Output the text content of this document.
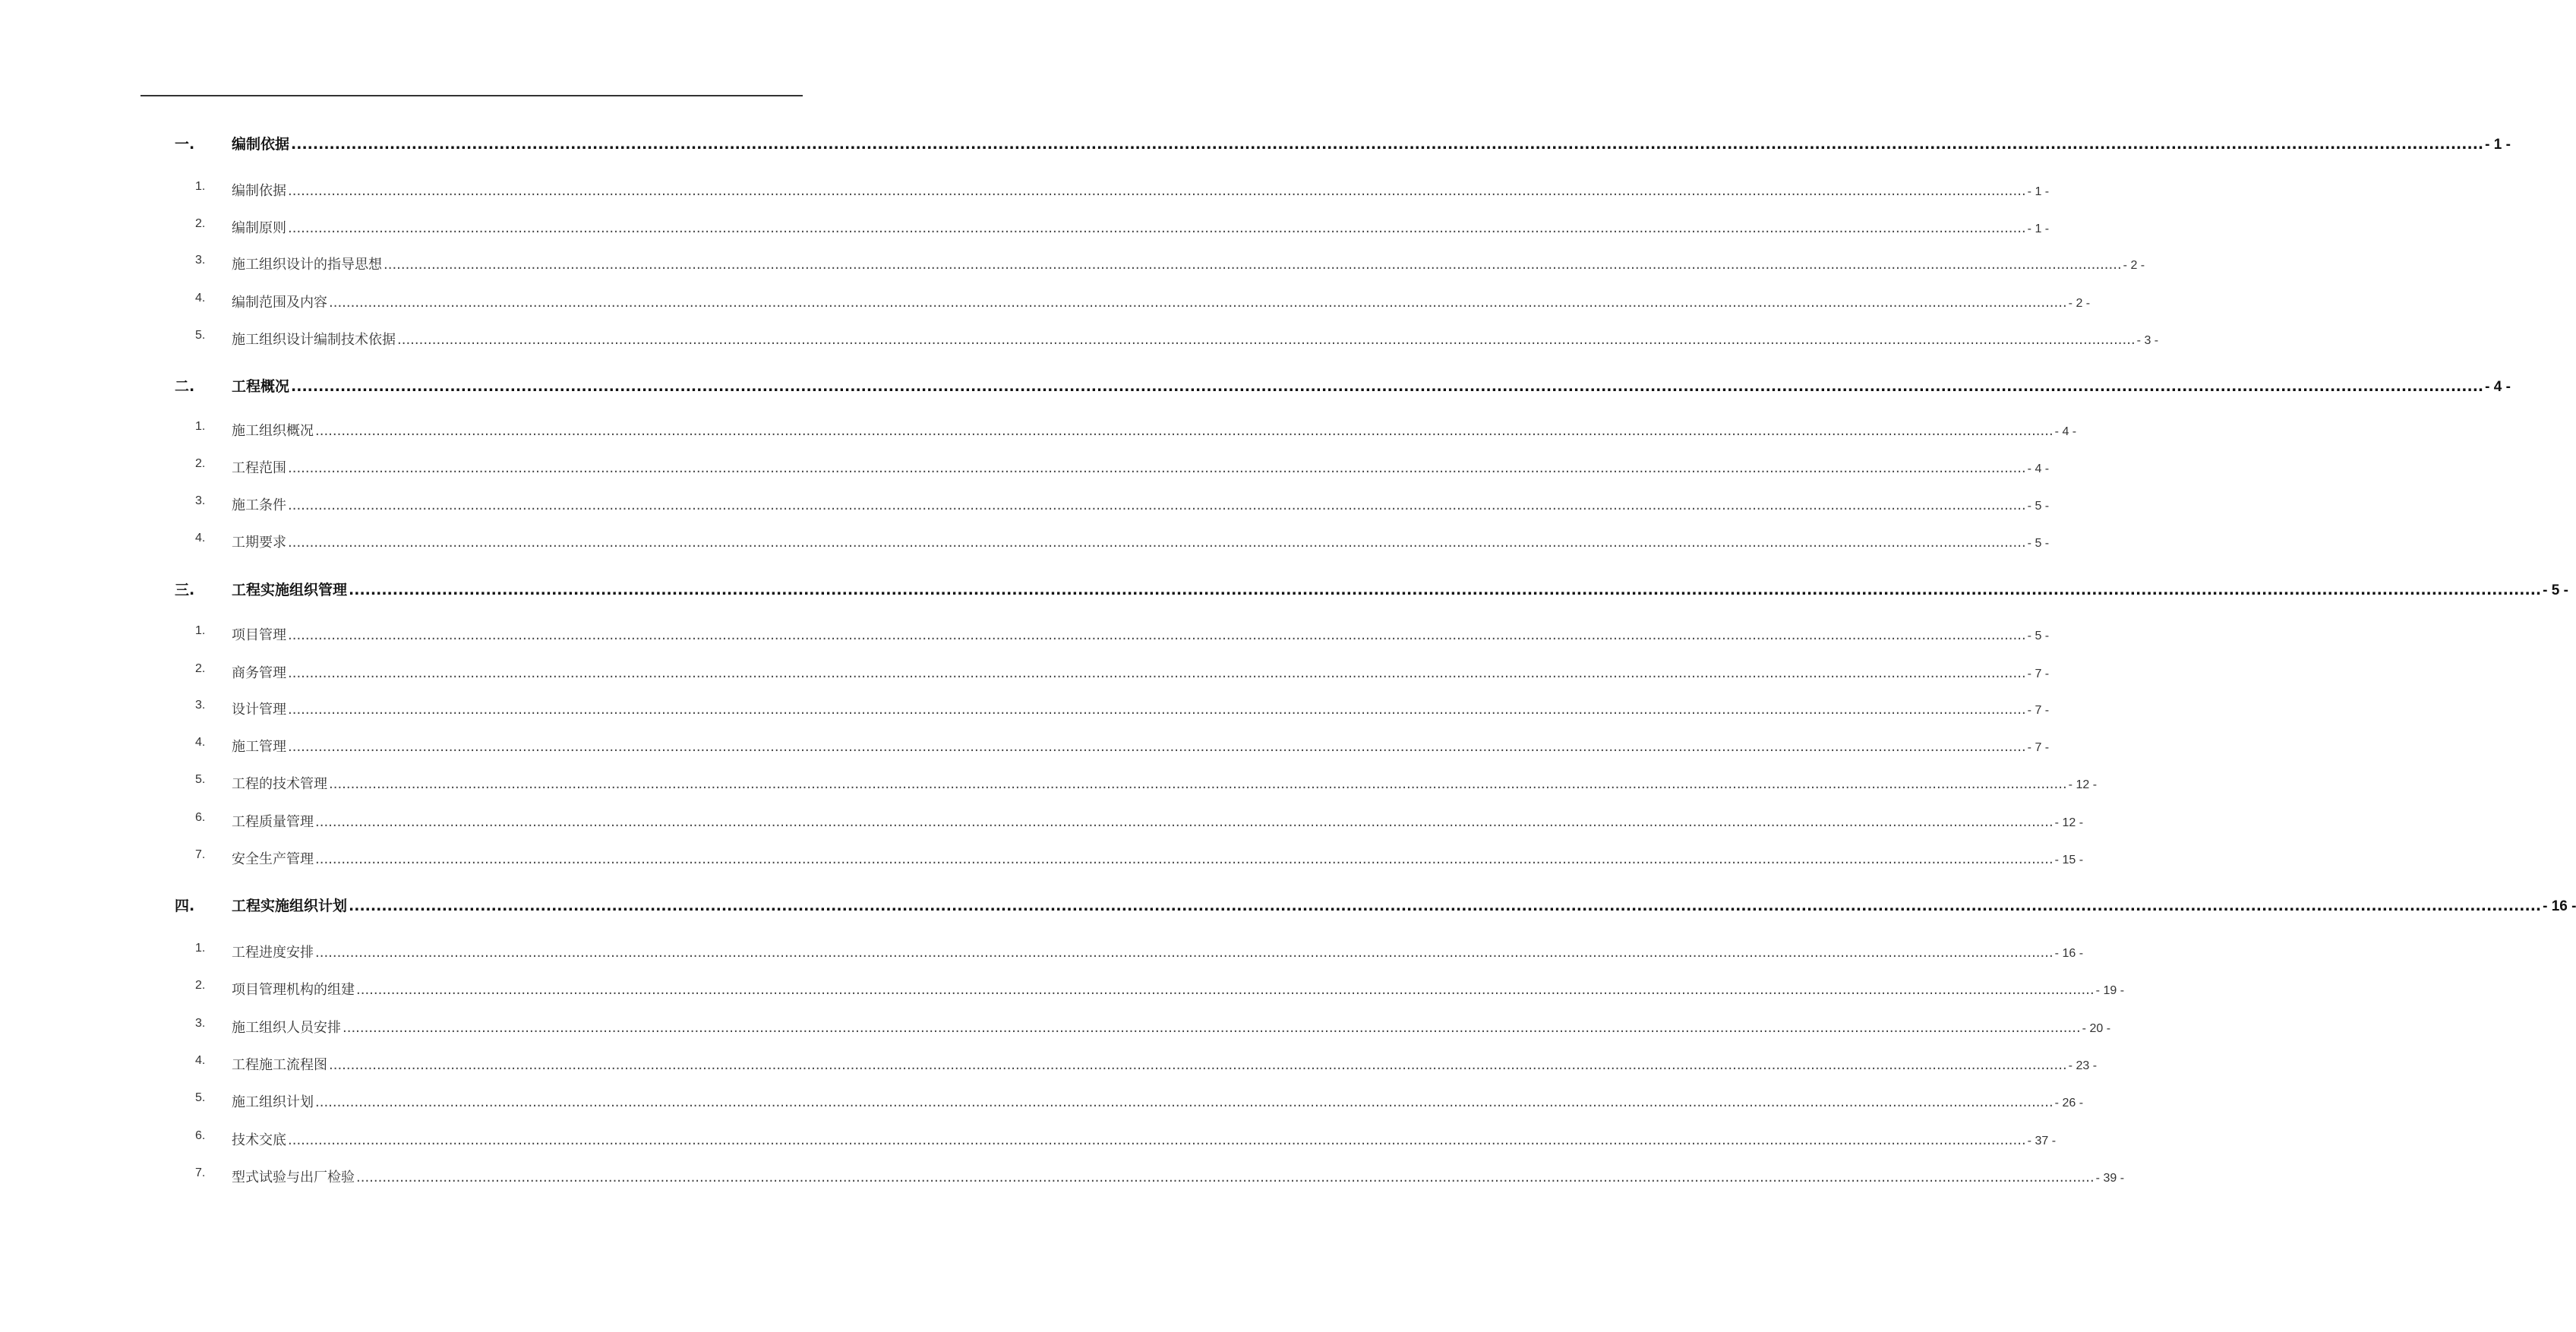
一.	编制依据 ................................................................................................................................................................................................................................................................................................................................................................................................................ - 1 -
1. 编制依据 ................................................................................................................................................................................................................................................................................................................................................................................................................ - 1 -
2. 编制原则 ................................................................................................................................................................................................................................................................................................................................................................................................................ - 1 -
3. 施工组织设计的指导思想 ................................................................................................................................................................................................................................................................................................................................................................................................................ - 2 -
4. 编制范围及内容 ................................................................................................................................................................................................................................................................................................................................................................................................................ - 2 -
5. 施工组织设计编制技术依据 ................................................................................................................................................................................................................................................................................................................................................................................................................ - 3 -
二.	工程概况 ................................................................................................................................................................................................................................................................................................................................................................................................................ - 4 -
1. 施工组织概况 ................................................................................................................................................................................................................................................................................................................................................................................................................ - 4 -
2. 工程范围 ................................................................................................................................................................................................................................................................................................................................................................................................................ - 4 -
3. 施工条件 ................................................................................................................................................................................................................................................................................................................................................................................................................ - 5 -
4. 工期要求 ................................................................................................................................................................................................................................................................................................................................................................................................................ - 5 -
三.	工程实施组织管理 ................................................................................................................................................................................................................................................................................................................................................................................................................ - 5 -
1. 项目管理 ................................................................................................................................................................................................................................................................................................................................................................................................................ - 5 -
2. 商务管理 ................................................................................................................................................................................................................................................................................................................................................................................................................ - 7 -
3. 设计管理 ................................................................................................................................................................................................................................................................................................................................................................................................................ - 7 -
4. 施工管理 ................................................................................................................................................................................................................................................................................................................................................................................................................ - 7 -
5. 工程的技术管理 ................................................................................................................................................................................................................................................................................................................................................................................................................ - 12 -
6. 工程质量管理 ................................................................................................................................................................................................................................................................................................................................................................................................................ - 12 -
7. 安全生产管理 ................................................................................................................................................................................................................................................................................................................................................................................................................ - 15 -
四.	工程实施组织计划 ................................................................................................................................................................................................................................................................................................................................................................................................................ - 16 -
1. 工程进度安排 ................................................................................................................................................................................................................................................................................................................................................................................................................ - 16 -
2. 项目管理机构的组建 ................................................................................................................................................................................................................................................................................................................................................................................................................ - 19 -
3. 施工组织人员安排 ................................................................................................................................................................................................................................................................................................................................................................................................................ - 20 -
4. 工程施工流程图 ................................................................................................................................................................................................................................................................................................................................................................................................................ - 23 -
5. 施工组织计划 ................................................................................................................................................................................................................................................................................................................................................................................................................ - 26 -
6. 技术交底 ................................................................................................................................................................................................................................................................................................................................................................................................................ - 37 -
7. 型式试验与出厂检验 ................................................................................................................................................................................................................................................................................................................................................................................................................ - 39 -
